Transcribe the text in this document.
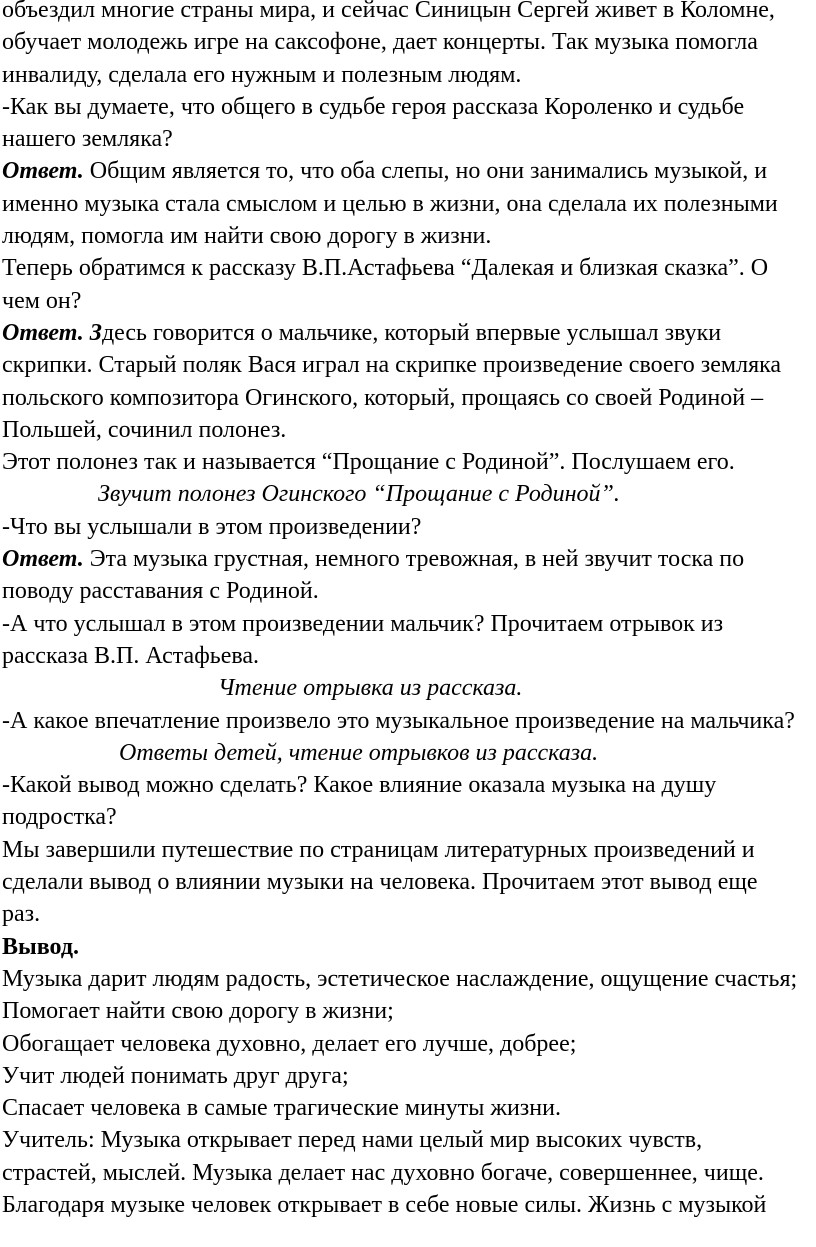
объездил многие страны мира, и сейчас Синицын Сергей живет в Коломне,

обучает молодежь игре на саксофоне, дает концерты. Так музыка помогла

инвалиду, сделала его нужным и полезным людям.

-Как вы думаете, что общего в судьбе героя рассказа Короленко и судьбе

нашего земляка?

Ответ. Общим является то, что оба слепы, но они занимались музыкой, и

именно музыка стала смыслом и целью в жизни, она сделала их полезными

людям, помогла им найти свою дорогу в жизни.

Теперь обратимся к рассказу В.П.Астафьева “Далекая и близкая сказка”. О

чем он?

Ответ. Здесь говорится о мальчике, который впервые услышал звуки

скрипки. Старый поляк Вася играл на скрипке произведение своего земляка

польского композитора Огинского, который, прощаясь со своей Родиной –

Польшей, сочинил полонез.

Этот полонез так и называется “Прощание с Родиной”. Послушаем его.

Звучит полонез Огинского “Прощание с Родиной”.

-Что вы услышали в этом произведении?

Ответ. Эта музыка грустная, немного тревожная, в ней звучит тоска по

поводу расставания с Родиной.

-А что услышал в этом произведении мальчик? Прочитаем отрывок из

рассказа В.П. Астафьева.

Чтение отрывка из рассказа.

-А какое впечатление произвело это музыкальное произведение на мальчика?

Ответы детей, чтение отрывков из рассказа.

-Какой вывод можно сделать? Какое влияние оказала музыка на душу

подростка?

Мы завершили путешествие по страницам литературных произведений и

сделали вывод о влиянии музыки на человека. Прочитаем этот вывод еще

раз.

Вывод.

Музыка дарит людям радость, эстетическое наслаждение, ощущение счастья;

Помогает найти свою дорогу в жизни;

Обогащает человека духовно, делает его лучше, добрее;

Учит людей понимать друг друга;

Спасает человека в самые трагические минуты жизни.

Учитель: Музыка открывает перед нами целый мир высоких чувств,

страстей, мыслей. Музыка делает нас духовно богаче, совершеннее, чище.

Благодаря музыке человек открывает в себе новые силы. Жизнь с музыкой
